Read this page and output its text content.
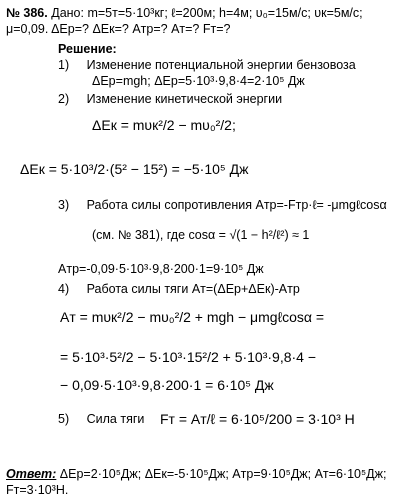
№ 386. Дано: m=5т=5·10³кг; ℓ=200м; h=4м; υ₀=15м/с; υк=5м/с;
μ=0,09. ΔEр=? ΔEк=? Aтр=? Aт=? Fт=?
Решение:
1) Изменение потенциальной энергии бензовоза
ΔEр=mgh; ΔEр=5·10³·9,8·4=2·10⁵ Дж
2) Изменение кинетической энергии
ΔEк = mυк²/2 − mυ₀²/2;
ΔEк = 5·10³/2·(5² − 15²) = −5·10⁵ Дж
3) Работа силы сопротивления Aтр=-Fтр·ℓ= -μmgℓcosα
(см. № 381), где cosα = √(1 − h²/ℓ²) ≈ 1
Aтр=-0,09·5·10³·9,8·200·1=9·10⁵ Дж
4) Работа силы тяги Aт=(ΔEр+ΔEк)-Aтр
Aт = mυк²/2 − mυ₀²/2 + mgh − μmgℓcosα =
= 5·10³·5²/2 − 5·10³·15²/2 + 5·10³·9,8·4 −
− 0,09·5·10³·9,8·200·1 = 6·10⁵ Дж
5) Сила тяги Fт = Aт/ℓ = 6·10⁵/200 = 3·10³ Н
Ответ: ΔEр=2·10⁵Дж; ΔEк=-5·10⁵Дж; Aтр=9·10⁵Дж; Aт=6·10⁵Дж;
Fт=3·10³Н.
